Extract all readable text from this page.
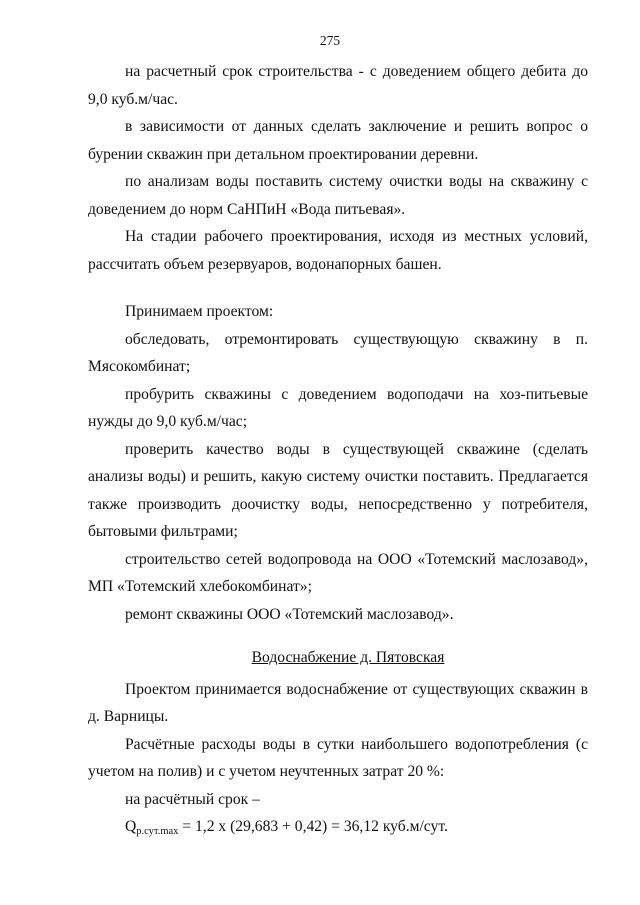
275

на расчетный срок строительства - с доведением общего дебита до 9,0 куб.м/час.

в зависимости от данных сделать заключение и решить вопрос о бурении скважин при детальном проектировании деревни.

по анализам воды поставить систему очистки воды на скважину с доведением до норм СаНПиН «Вода питьевая».

На стадии рабочего проектирования, исходя из местных условий, рассчитать объем резервуаров, водонапорных башен.

Принимаем проектом:

обследовать, отремонтировать существующую скважину в п. Мясокомбинат;

пробурить скважины с доведением водоподачи на хоз-питьевые нужды до 9,0 куб.м/час;

проверить качество воды в существующей скважине (сделать анализы воды) и решить, какую систему очистки поставить. Предлагается также производить доочистку воды, непосредственно у потребителя, бытовыми фильтрами;

строительство сетей водопровода на ООО «Тотемский маслозавод», МП «Тотемский хлебокомбинат»;

ремонт скважины ООО «Тотемский маслозавод».

Водоснабжение д. Пятовская

Проектом принимается водоснабжение от существующих скважин в д. Варницы.

Расчётные расходы воды в сутки наибольшего водопотребления (с учетом на полив) и с учетом неучтенных затрат 20 %:

на расчётный срок –

$Q_{р.сут.max} = 1,2$ х (29,683 + 0,42) = 36,12 куб.м/сут.
